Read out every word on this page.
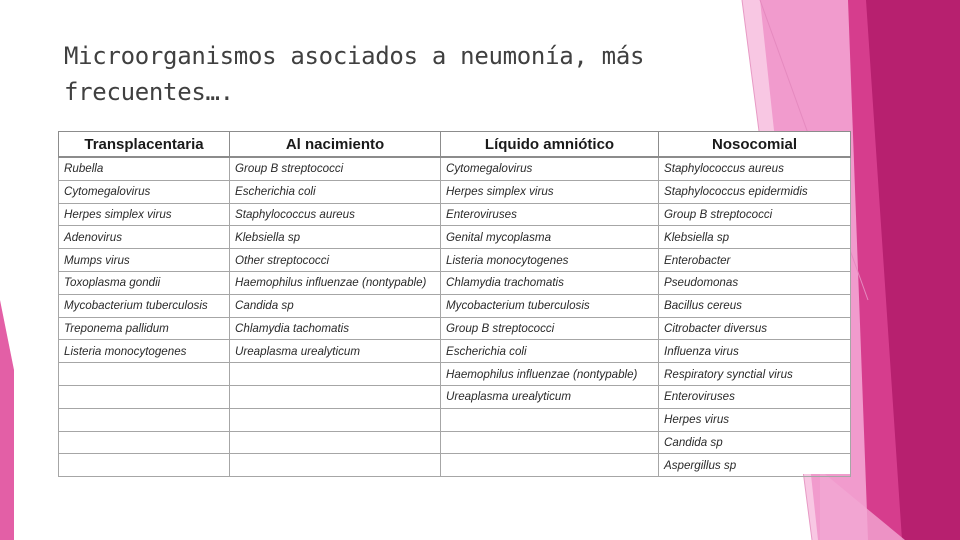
Microorganismos asociados a neumonía, más
frecuentes….
Transplacentaria	Al nacimiento	Líquido amniótico	Nosocomial
Rubella	Group B streptococci	Cytomegalovirus	Staphylococcus aureus
Cytomegalovirus	Escherichia coli	Herpes simplex virus	Staphylococcus epidermidis
Herpes simplex virus	Staphylococcus aureus	Enteroviruses	Group B streptococci
Adenovirus	Klebsiella sp	Genital mycoplasma	Klebsiella sp
Mumps virus	Other streptococci	Listeria monocytogenes	Enterobacter
Toxoplasma gondii	Haemophilus influenzae (nontypable)	Chlamydia trachomatis	Pseudomonas
Mycobacterium tuberculosis	Candida sp	Mycobacterium tuberculosis	Bacillus cereus
Treponema pallidum	Chlamydia tachomatis	Group B streptococci	Citrobacter diversus
Listeria monocytogenes	Ureaplasma urealyticum	Escherichia coli	Influenza virus
		Haemophilus influenzae (nontypable)	Respiratory synctial virus
		Ureaplasma urealyticum	Enteroviruses
			Herpes virus
			Candida sp
			Aspergillus sp
